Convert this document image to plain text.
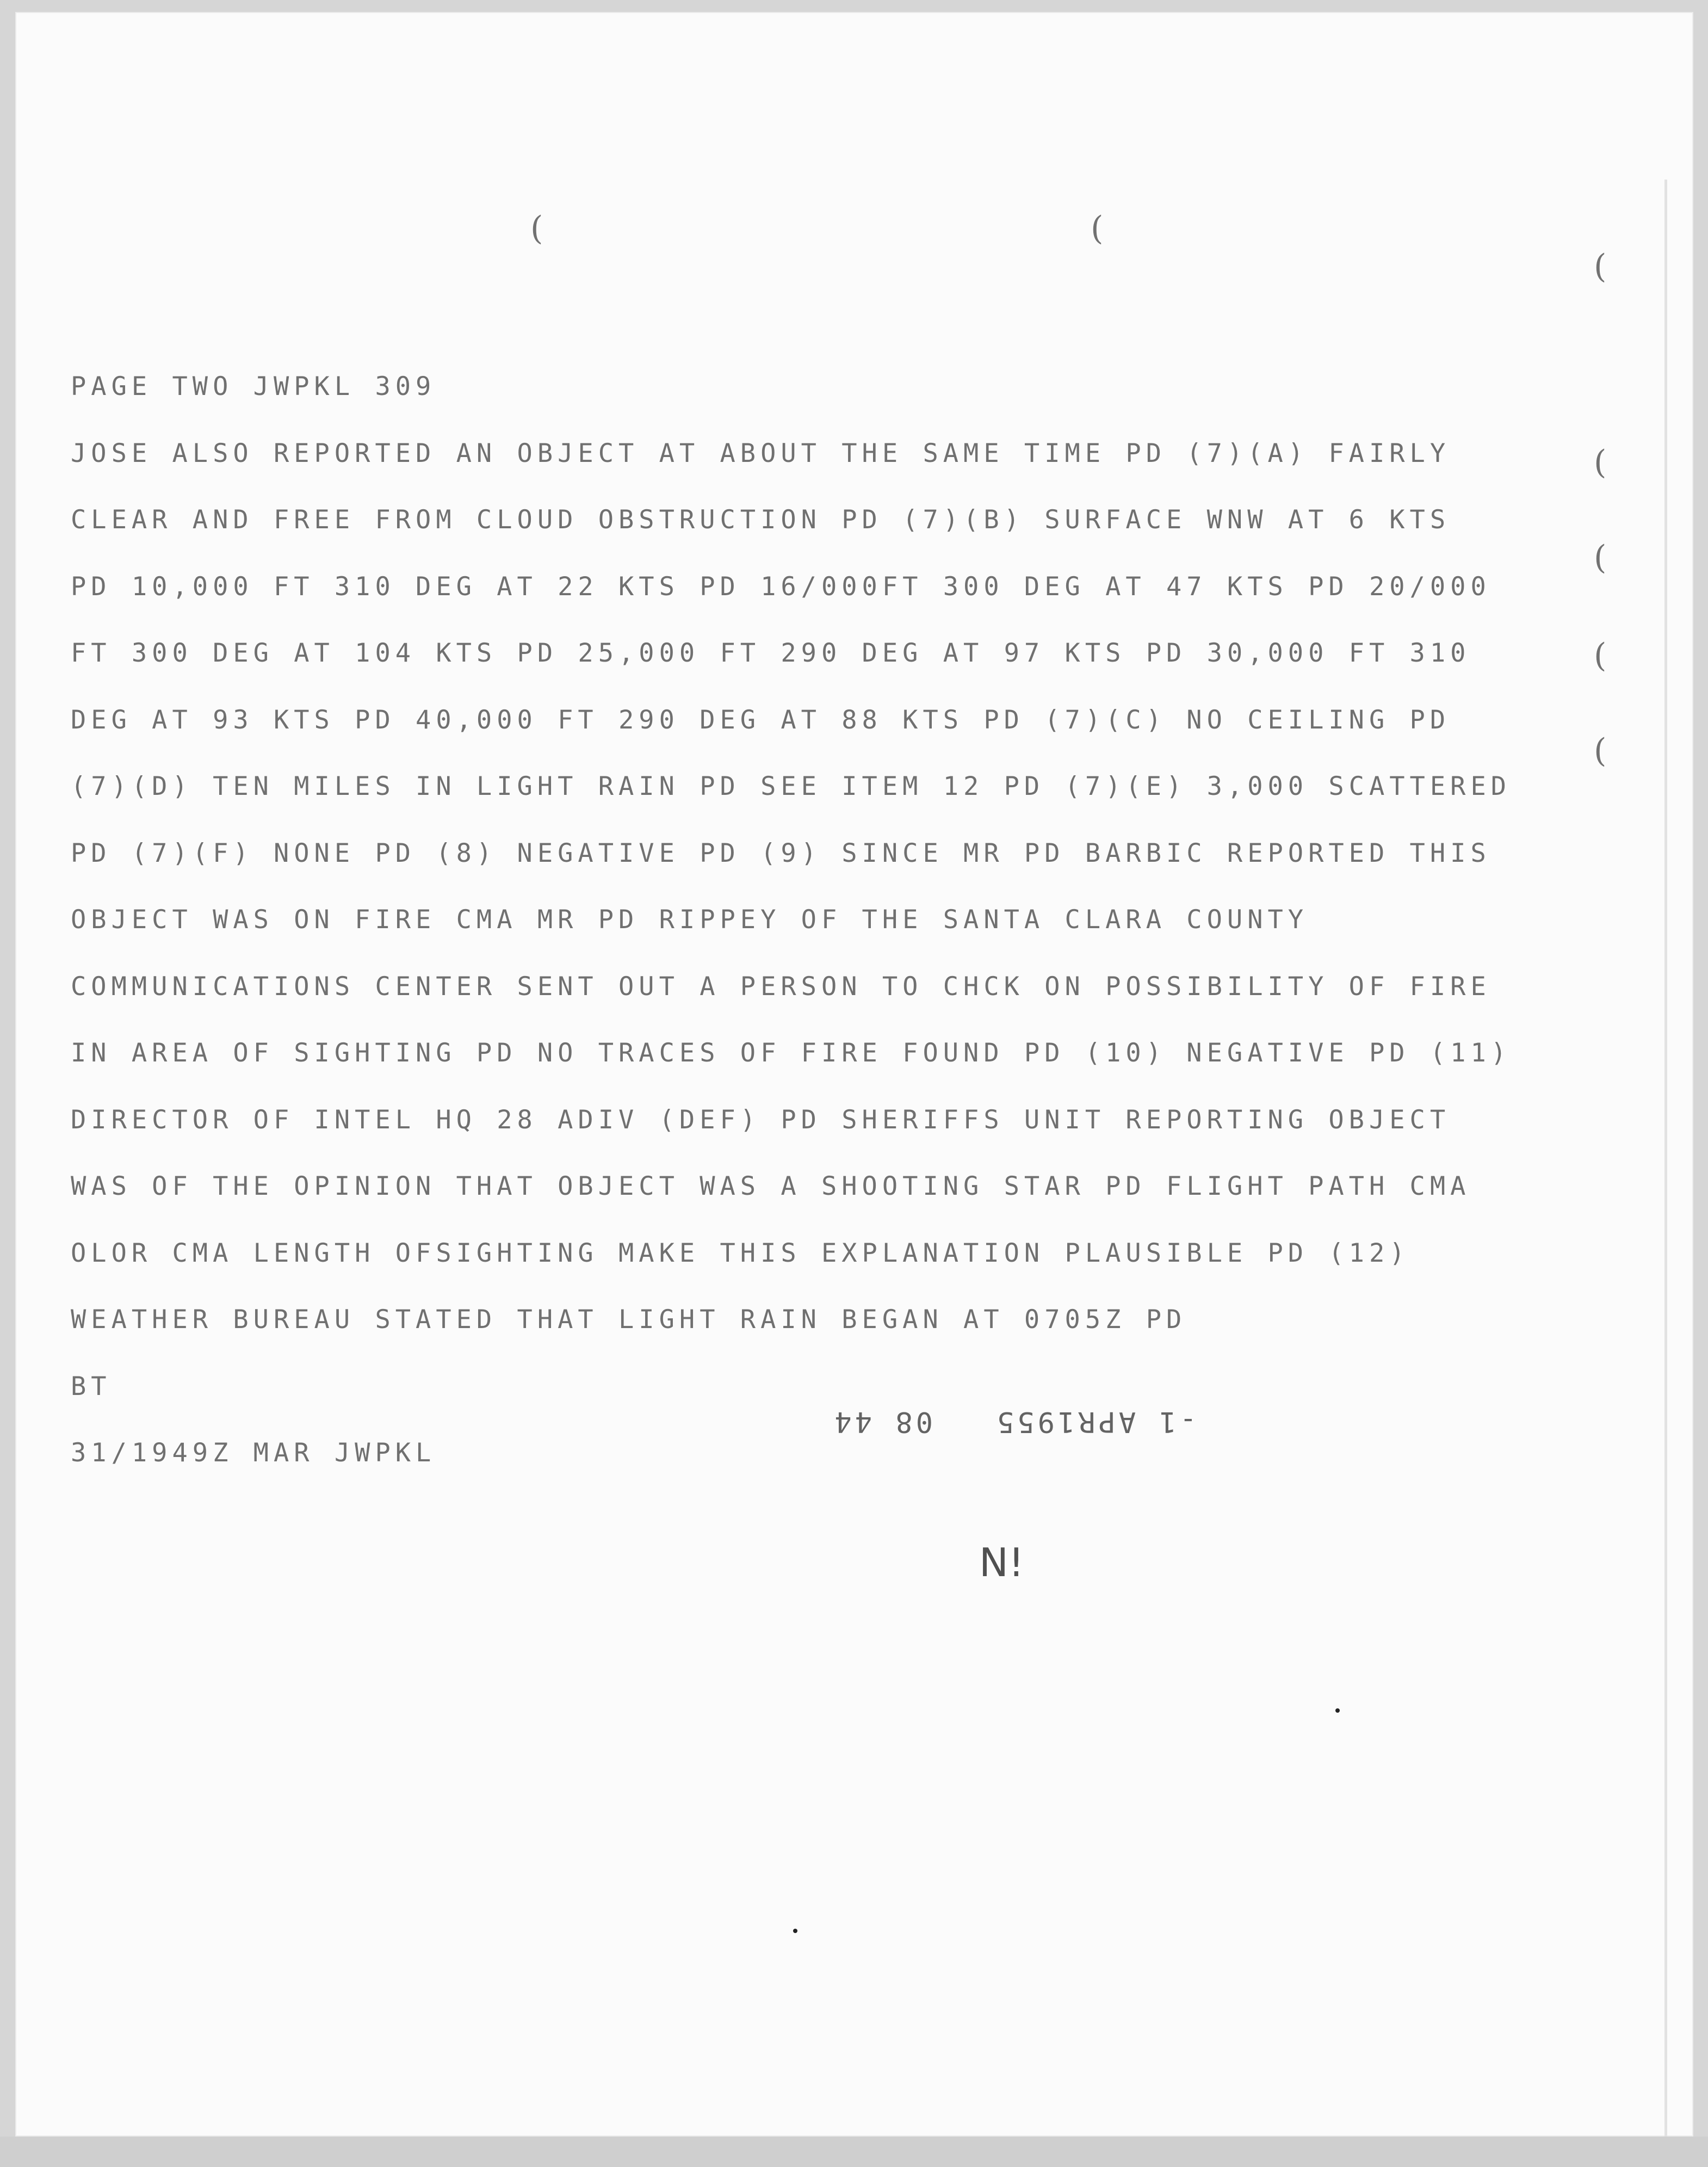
(	(
(
(
(
(
(
PAGE TWO JWPKL 309
JOSE ALSO REPORTED AN OBJECT AT ABOUT THE SAME TIME PD (7)(A) FAIRLY
CLEAR AND FREE FROM CLOUD OBSTRUCTION PD (7)(B) SURFACE WNW AT 6 KTS
PD 10,000 FT 310 DEG AT 22 KTS PD 16/000FT 300 DEG AT 47 KTS PD 20/000
FT 300 DEG AT 104 KTS PD 25,000 FT 290 DEG AT 97 KTS PD 30,000 FT 310
DEG AT 93 KTS PD 40,000 FT 290 DEG AT 88 KTS PD (7)(C) NO CEILING PD
(7)(D) TEN MILES IN LIGHT RAIN PD SEE ITEM 12 PD (7)(E) 3,000 SCATTERED
PD (7)(F) NONE PD (8) NEGATIVE PD (9) SINCE MR PD BARBIC REPORTED THIS
OBJECT WAS ON FIRE CMA MR PD RIPPEY OF THE SANTA CLARA COUNTY
COMMUNICATIONS CENTER SENT OUT A PERSON TO CHCK ON POSSIBILITY OF FIRE
IN AREA OF SIGHTING PD NO TRACES OF FIRE FOUND PD (10) NEGATIVE PD (11)
DIRECTOR OF INTEL HQ 28 ADIV (DEF) PD SHERIFFS UNIT REPORTING OBJECT
WAS OF THE OPINION THAT OBJECT WAS A SHOOTING STAR PD FLIGHT PATH CMA
OLOR CMA LENGTH OFSIGHTING MAKE THIS EXPLANATION PLAUSIBLE PD (12)
WEATHER BUREAU STATED THAT LIGHT RAIN BEGAN AT 0705Z PD
BT
31/1949Z MAR JWPKL
-1 APR1955   08 44
N!
